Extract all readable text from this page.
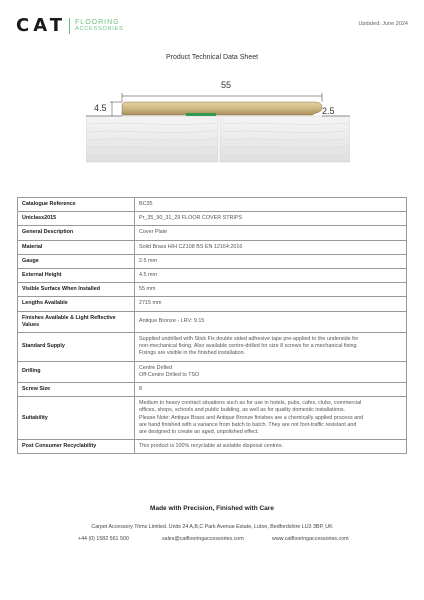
CAT FLOORING
ACCESSORIES
Updated: June 2024
Product Technical Data Sheet
55
4.5	2.5
Catalogue Reference	BC35

Uniclass2015	Pr_35_90_31_29 FLOOR COVER STRIPS

General Description	Cover Plate

Material	Solid Brass H/H CZ108 BS EN 12164:2016

Gauge	2.5 mm

External Height	4.5 mm

Visible Surface When Installed	55 mm

Lengths Available	2715 mm

Finishes Available & Light Reflective Values	Antique Bronze - LRV: 9.15

Standard Supply	Supplied undrilled with Stick Fix double sided adhesive tape pre-applied to the underside for
non-mechanical fixing. Also available centre-drilled for size 8 screws for a mechanical fixing.
Fixings are visible in the finished installation.

Drilling	Centre Drilled
Off-Centre Drilled to TSO

Screw Size	8

Suitability	Medium to heavy contract situations such as for use in hotels, pubs, cafes, clubs, commercial
offices, shops, schools and public building, as well as for quality domestic installations.
Please Note: Antique Brass and Antique Bronze finishes are a chemically applied process and
are hand finished with a variance from batch to batch. They are not foot-traffic resistant and
are designed to create an aged, unpolished effect.

Post Consumer Recyclability	This product is 100% recyclable at suitable disposal centres.
Made with Precision, Finished with Care
Carpet Accessory Trims Limited. Units 24 A,B,C Park Avenue Estate, Luton, Bedfordshire LU3 3BP, UK
+44 (0) 1582 561 500	sales@catflooringaccessories.com	www.catflooringaccessories.com
